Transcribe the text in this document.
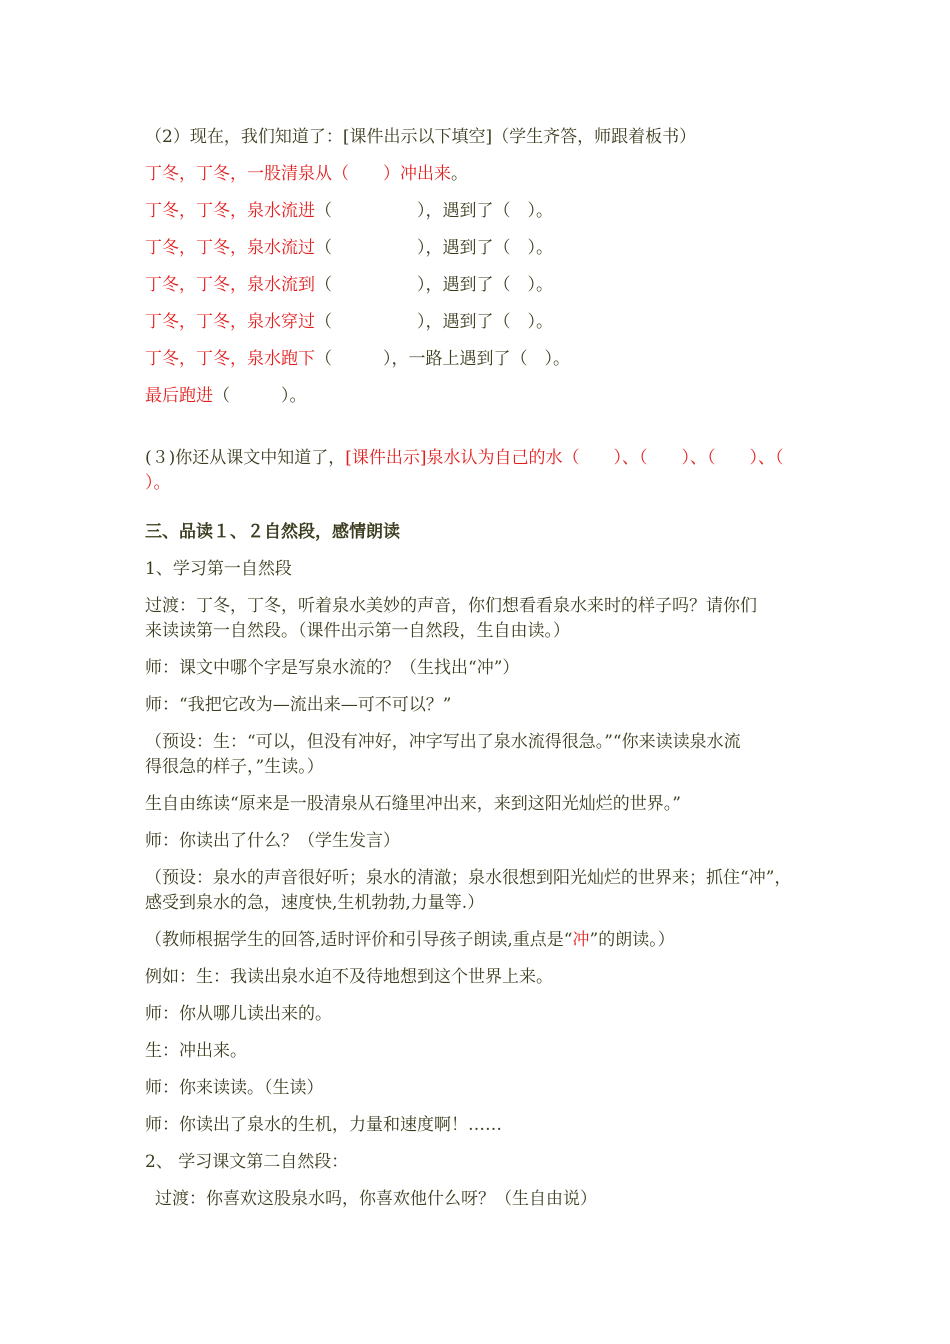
（2）现在，我们知道了：[课件出示以下填空]（学生齐答，师跟着板书）
丁冬，丁冬，一股清泉从（　　）冲出来。
丁冬，丁冬，泉水流进（　　　　　），遇到了（　）。
丁冬，丁冬，泉水流过（　　　　　），遇到了（　）。
丁冬，丁冬，泉水流到（　　　　　），遇到了（　）。
丁冬，丁冬，泉水穿过（　　　　　），遇到了（　）。
丁冬，丁冬，泉水跑下（　　　），一路上遇到了（　）。
最后跑进（　　　）。
(３)你还从课文中知道了，[课件出示]泉水认为自己的水（　　）、（　　）、（　　）、（
）。
三、品读１、２自然段，感情朗读
1、学习第一自然段
过渡：丁冬，丁冬，听着泉水美妙的声音，你们想看看泉水来时的样子吗？请你们
来读读第一自然段。（课件出示第一自然段，生自由读。）
师：课文中哪个字是写泉水流的？（生找出“冲”）
师：“我把它改为—流出来—可不可以？”
（预设：生：“可以，但没有冲好，冲字写出了泉水流得很急。”“你来读读泉水流
得很急的样子，”生读。）
生自由练读“原来是一股清泉从石缝里冲出来，来到这阳光灿烂的世界。”
师：你读出了什么？（学生发言）
（预设：泉水的声音很好听；泉水的清澈；泉水很想到阳光灿烂的世界来；抓住“冲”，
感受到泉水的急，速度快,生机勃勃,力量等.）
（教师根据学生的回答,适时评价和引导孩子朗读,重点是“冲”的朗读。）
例如：生：我读出泉水迫不及待地想到这个世界上来。
师：你从哪儿读出来的。
生：冲出来。
师：你来读读。（生读）
师：你读出了泉水的生机，力量和速度啊！……
2、 学习课文第二自然段：
过渡：你喜欢这股泉水吗，你喜欢他什么呀？（生自由说）
